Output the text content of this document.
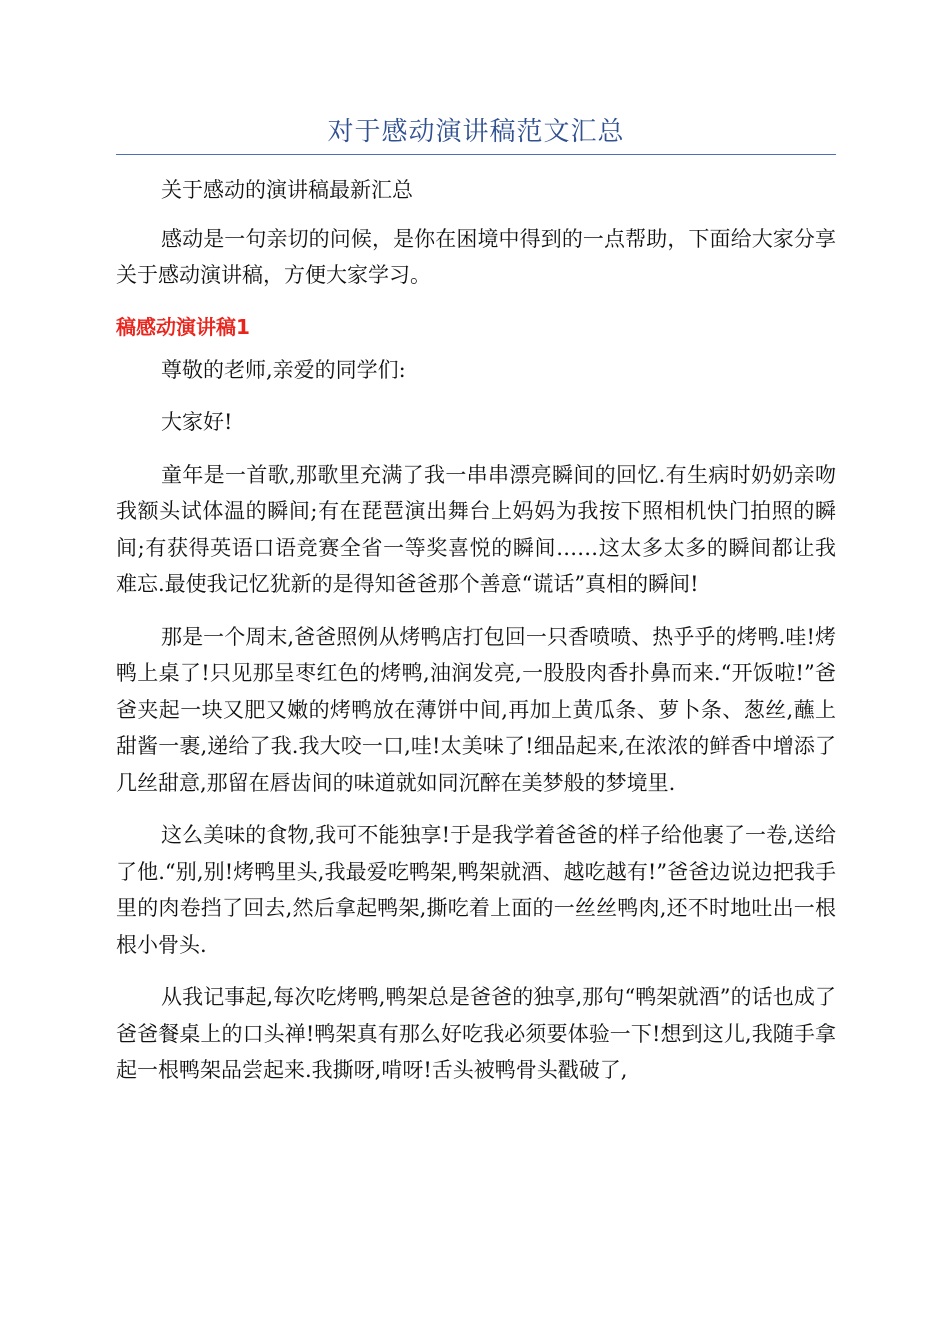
对于感动演讲稿范文汇总

关于感动的演讲稿最新汇总

感动是一句亲切的问候，是你在困境中得到的一点帮助，下面给大家分享关于感动演讲稿，方便大家学习。

稿感动演讲稿1

尊敬的老师,亲爱的同学们:

大家好!

童年是一首歌,那歌里充满了我一串串漂亮瞬间的回忆.有生病时奶奶亲吻我额头试体温的瞬间;有在琵琶演出舞台上妈妈为我按下照相机快门拍照的瞬间;有获得英语口语竞赛全省一等奖喜悦的瞬间……这太多太多的瞬间都让我难忘.最使我记忆犹新的是得知爸爸那个善意“谎话”真相的瞬间!

那是一个周末,爸爸照例从烤鸭店打包回一只香喷喷、热乎乎的烤鸭.哇!烤鸭上桌了!只见那呈枣红色的烤鸭,油润发亮,一股股肉香扑鼻而来.“开饭啦!”爸爸夹起一块又肥又嫩的烤鸭放在薄饼中间,再加上黄瓜条、萝卜条、葱丝,蘸上甜酱一裹,递给了我.我大咬一口,哇!太美味了!细品起来,在浓浓的鲜香中增添了几丝甜意,那留在唇齿间的味道就如同沉醉在美梦般的梦境里.

这么美味的食物,我可不能独享!于是我学着爸爸的样子给他裹了一卷,送给了他.“别,别!烤鸭里头,我最爱吃鸭架,鸭架就酒、越吃越有!”爸爸边说边把我手里的肉卷挡了回去,然后拿起鸭架,撕吃着上面的一丝丝鸭肉,还不时地吐出一根根小骨头.

从我记事起,每次吃烤鸭,鸭架总是爸爸的独享,那句“鸭架就酒”的话也成了爸爸餐桌上的口头禅!鸭架真有那么好吃我必须要体验一下!想到这儿,我随手拿起一根鸭架品尝起来.我撕呀,啃呀!舌头被鸭骨头戳破了,
